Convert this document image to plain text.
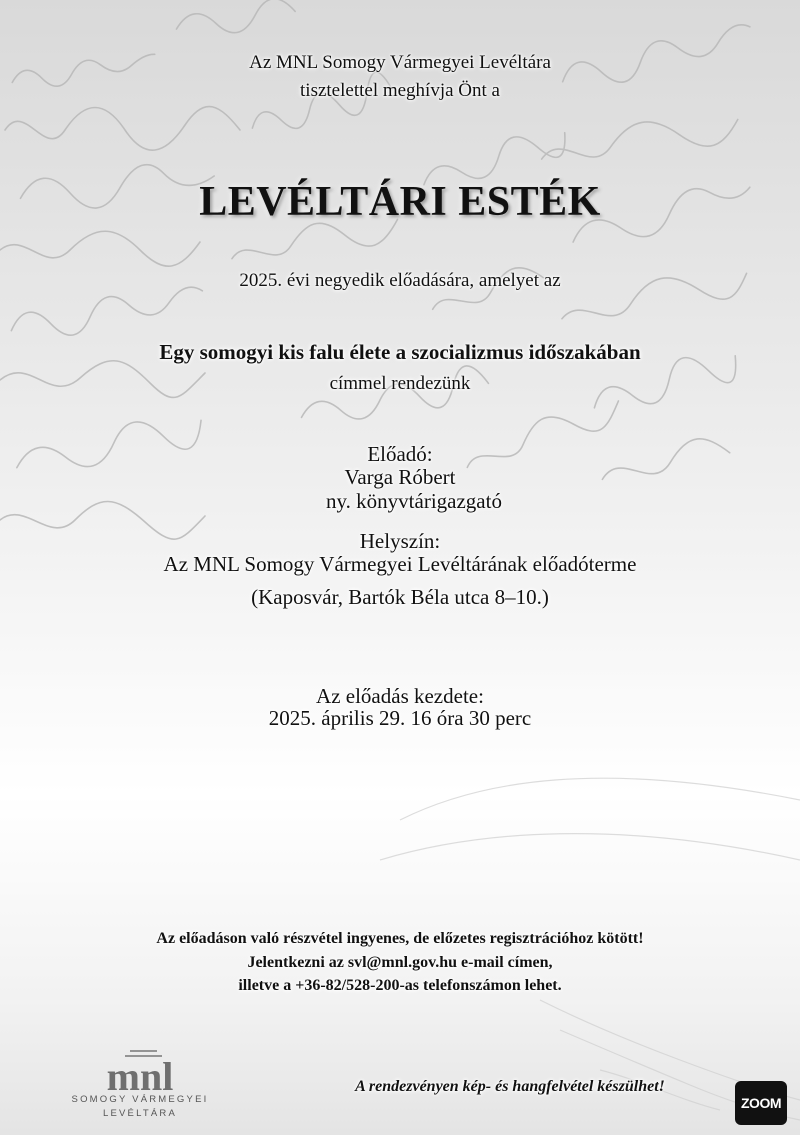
Az MNL Somogy Vármegyei Levéltára
tisztelettel meghívja Önt a
LEVÉLTÁRI ESTÉK
2025. évi negyedik előadására, amelyet az
Egy somogyi kis falu élete a szocializmus időszakában
címmel rendezünk
Előadó:
Varga Róbert
ny. könyvtárigazgató
Helyszín:
Az MNL Somogy Vármegyei Levéltárának előadóterme
(Kaposvár, Bartók Béla utca 8–10.)
Az előadás kezdete:
2025. április 29. 16 óra 30 perc
Az előadáson való részvétel ingyenes, de előzetes regisztrációhoz kötött!
Jelentkezni az svl@mnl.gov.hu e-mail címen,
illetve a +36-82/528-200-as telefonszámon lehet.
A rendezvényen kép- és hangfelvétel készülhet!
mnl
SOMOGY VÁRMEGYEI
LEVÉLTÁRA
ZOOM
